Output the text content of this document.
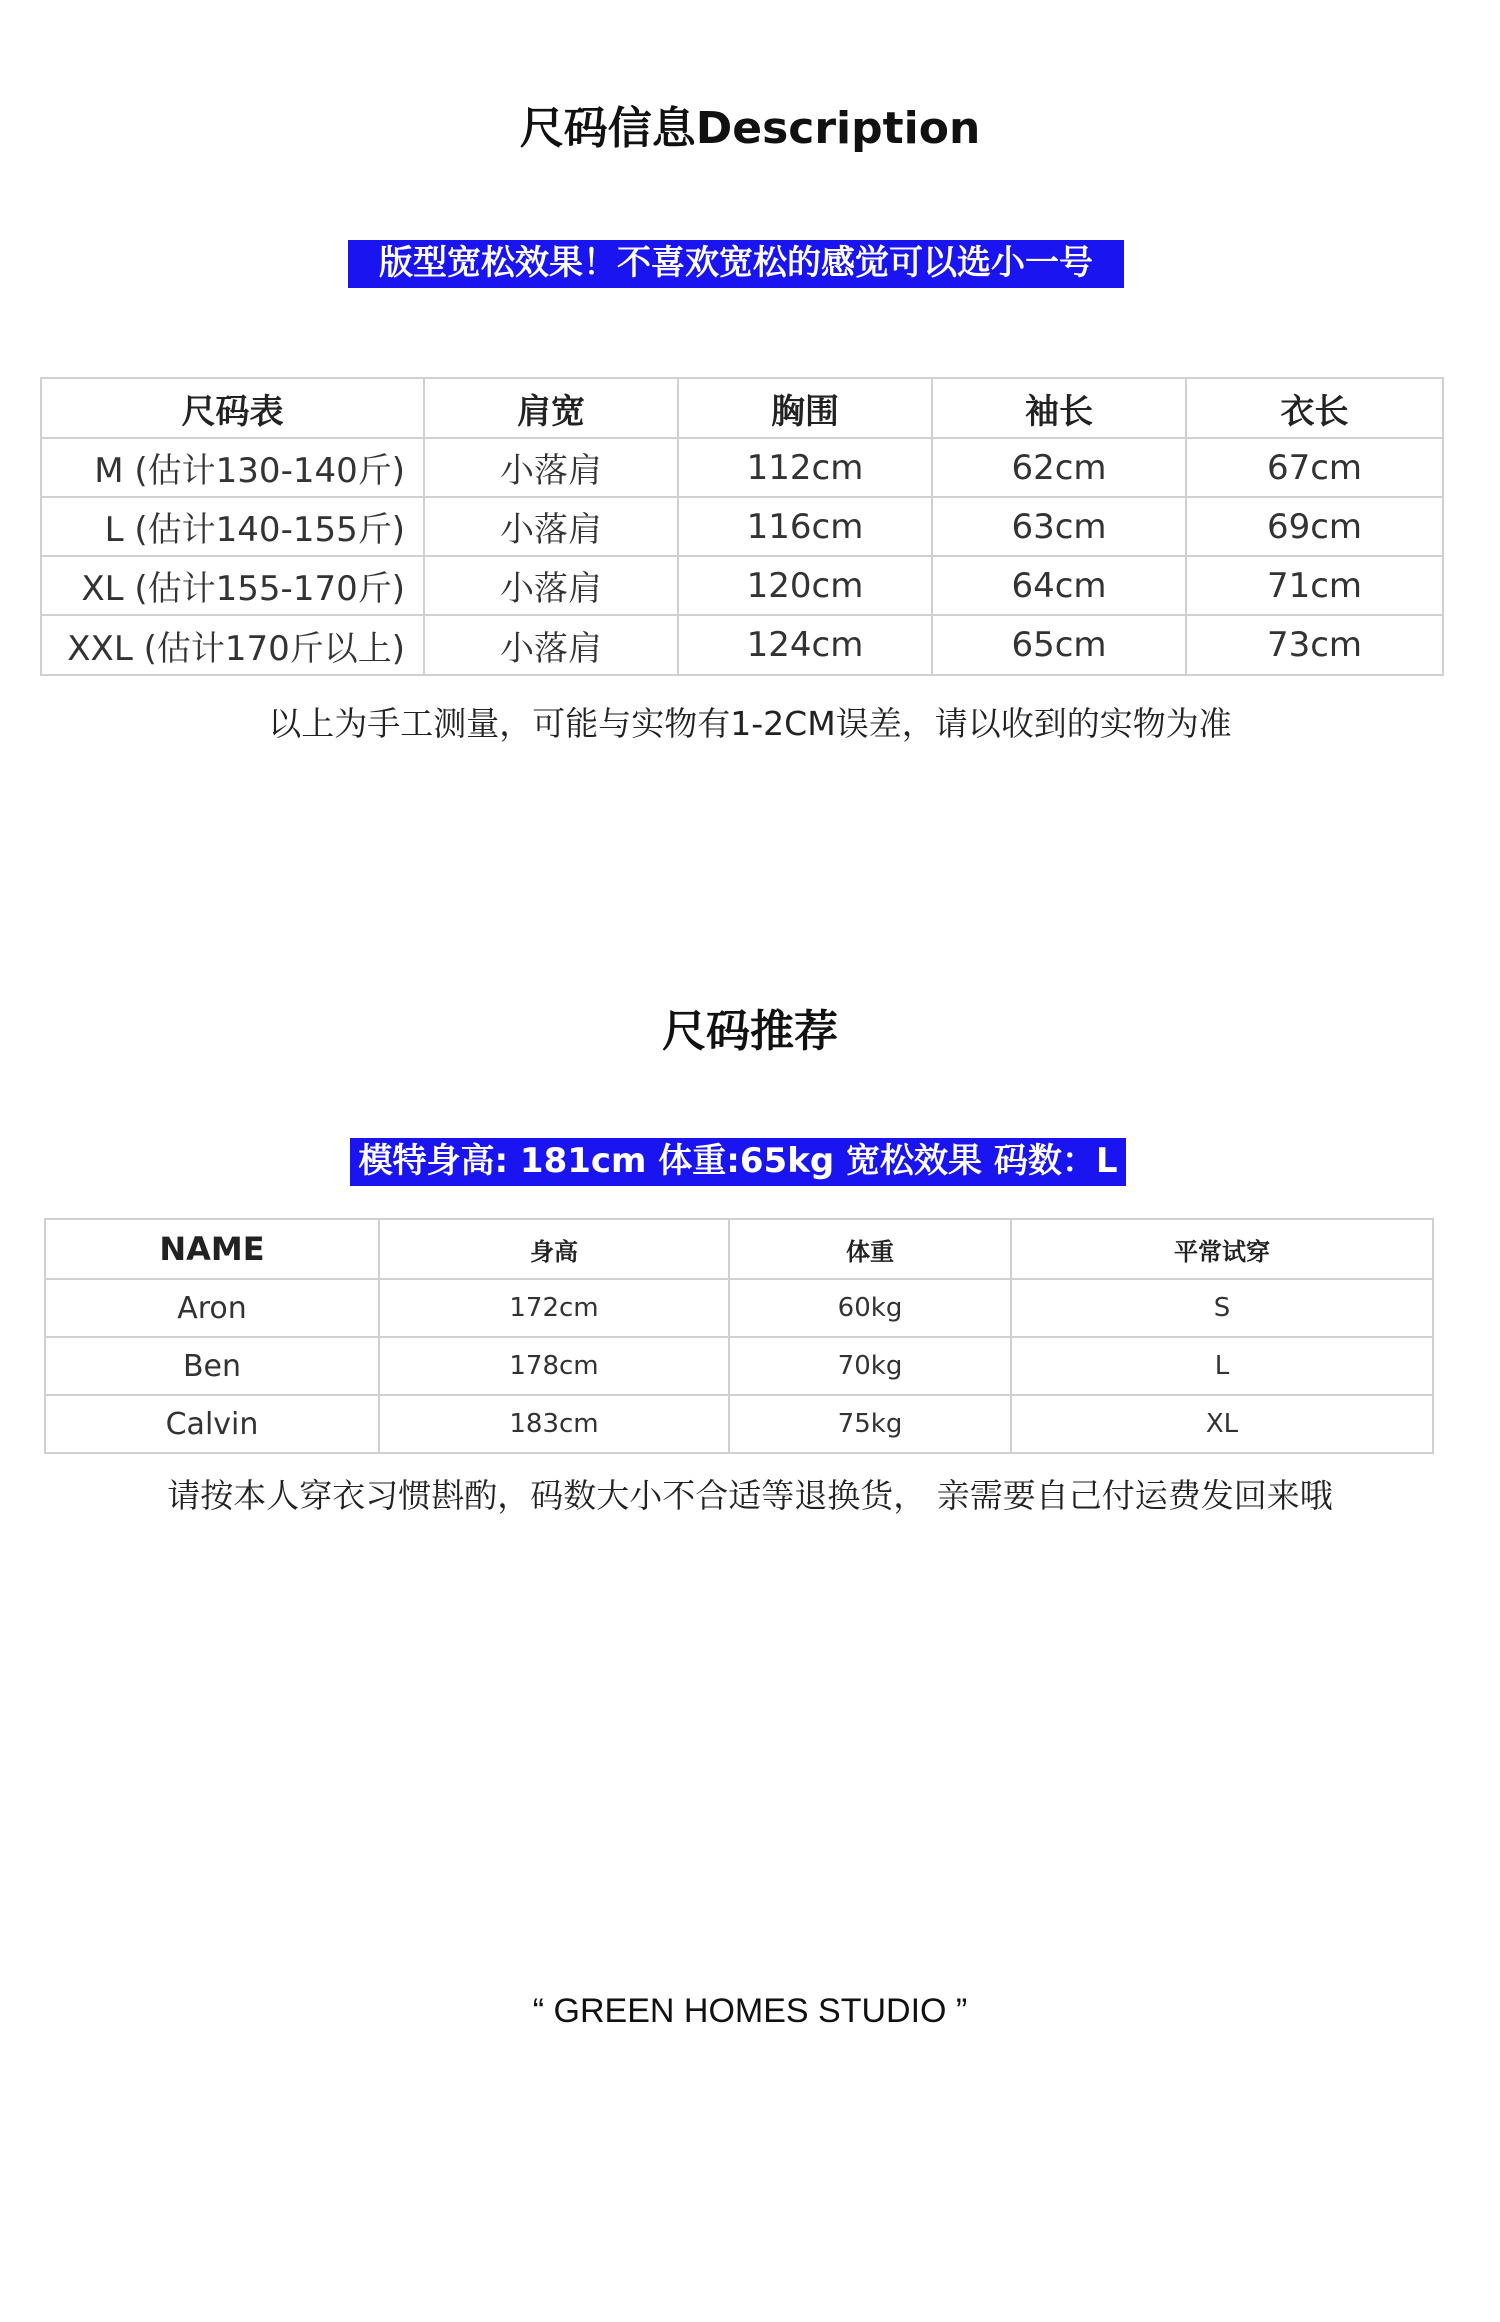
尺码信息Description
版型宽松效果！不喜欢宽松的感觉可以选小一号
尺码表	肩宽	胸围	袖长	衣长
M (估计130-140斤)	小落肩	112cm	62cm	67cm
L (估计140-155斤)	小落肩	116cm	63cm	69cm
XL (估计155-170斤)	小落肩	120cm	64cm	71cm
XXL (估计170斤以上)	小落肩	124cm	65cm	73cm
以上为手工测量，可能与实物有1-2CM误差，请以收到的实物为准
尺码推荐
模特身高: 181cm 体重:65kg 宽松效果 码数：L
NAME	身高	体重	平常试穿
Aron	172cm	60kg	S
Ben	178cm	70kg	L
Calvin	183cm	75kg	XL
请按本人穿衣习惯斟酌，码数大小不合适等退换货， 亲需要自己付运费发回来哦
“ GREEN HOMES STUDIO ”
